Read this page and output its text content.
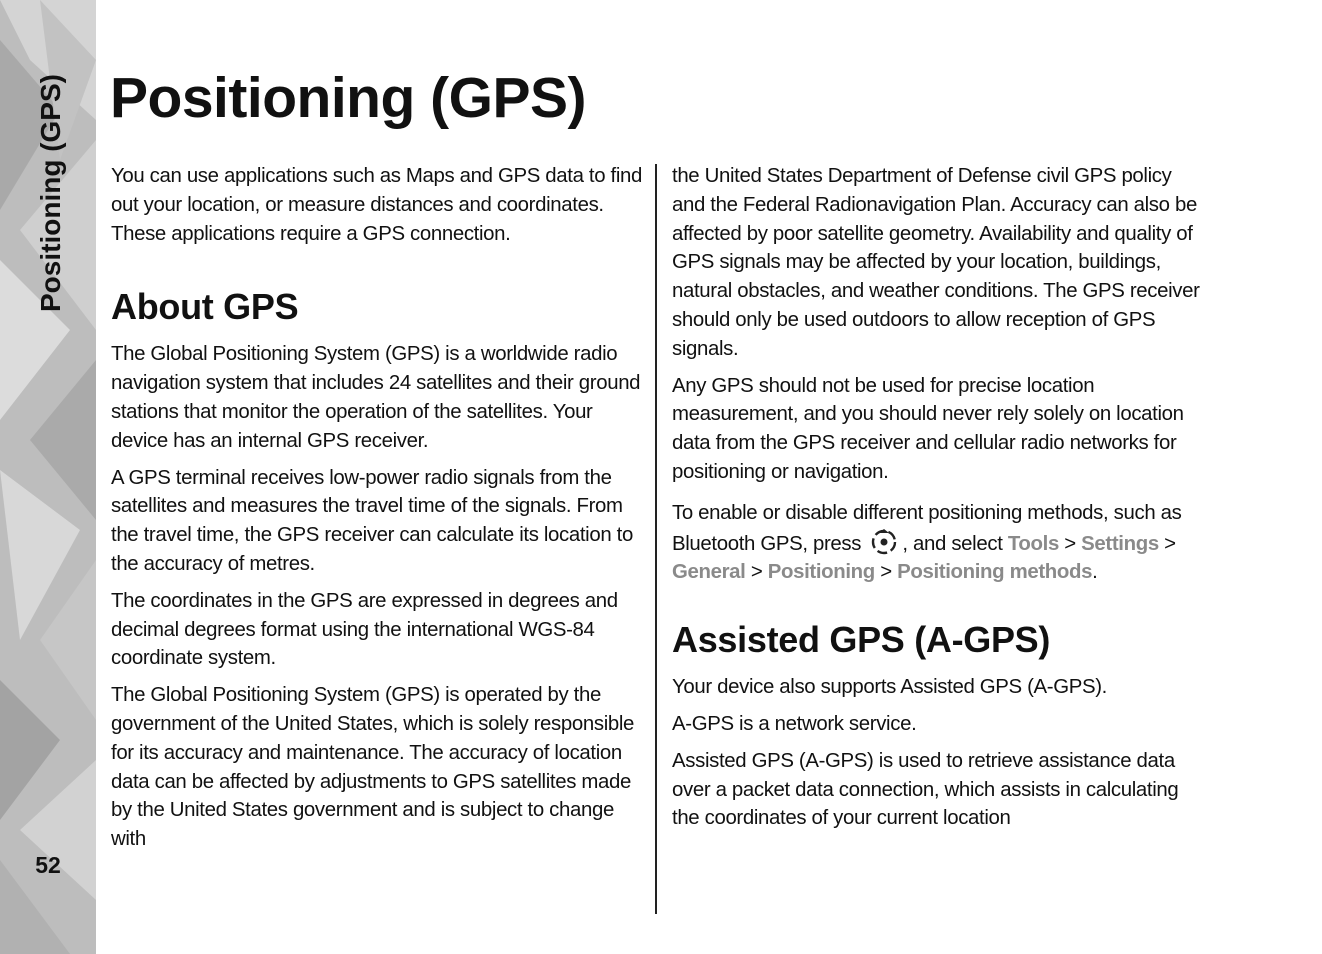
Positioning (GPS)
52
Positioning (GPS)

You can use applications such as Maps and GPS data to find out your location, or measure distances and coordinates. These applications require a GPS connection.

About GPS

The Global Positioning System (GPS) is a worldwide radio navigation system that includes 24 satellites and their ground stations that monitor the operation of the satellites. Your device has an internal GPS receiver.

A GPS terminal receives low-power radio signals from the satellites and measures the travel time of the signals. From the travel time, the GPS receiver can calculate its location to the accuracy of metres.

The coordinates in the GPS are expressed in degrees and decimal degrees format using the international WGS-84 coordinate system.

The Global Positioning System (GPS) is operated by the government of the United States, which is solely responsible for its accuracy and maintenance. The accuracy of location data can be affected by adjustments to GPS satellites made by the United States government and is subject to change with

the United States Department of Defense civil GPS policy and the Federal Radionavigation Plan. Accuracy can also be affected by poor satellite geometry. Availability and quality of GPS signals may be affected by your location, buildings, natural obstacles, and weather conditions. The GPS receiver should only be used outdoors to allow reception of GPS signals.

Any GPS should not be used for precise location measurement, and you should never rely solely on location data from the GPS receiver and cellular radio networks for positioning or navigation.

To enable or disable different positioning methods, such as Bluetooth GPS, press , and select Tools > Settings > General > Positioning > Positioning methods.

Assisted GPS (A-GPS)

Your device also supports Assisted GPS (A-GPS).

A-GPS is a network service.

Assisted GPS (A-GPS) is used to retrieve assistance data over a packet data connection, which assists in calculating the coordinates of your current location
